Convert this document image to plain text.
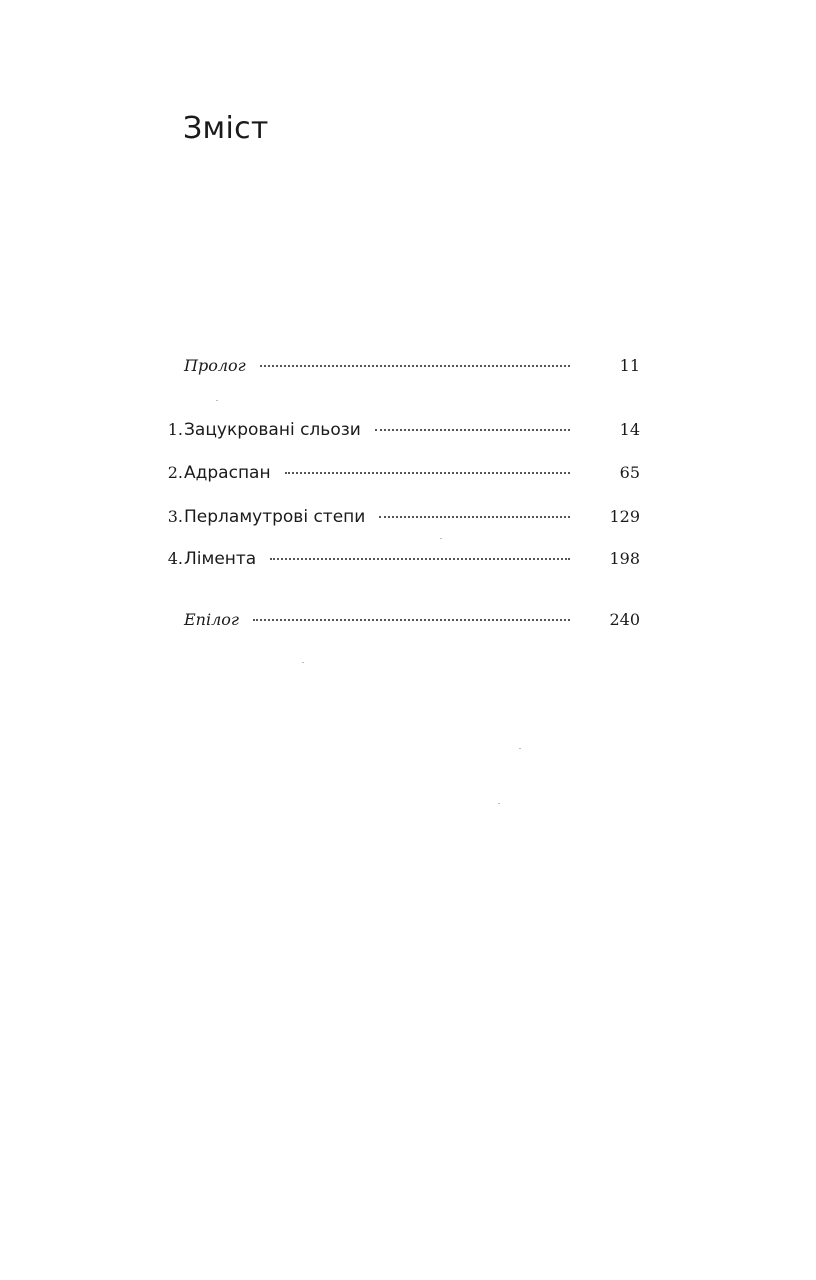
Зміст
Пролог	11
1. Зацукровані сльози	14
2. Адраспан	65
3. Перламутрові степи	129
4. Лімента	198
Епілог	240
